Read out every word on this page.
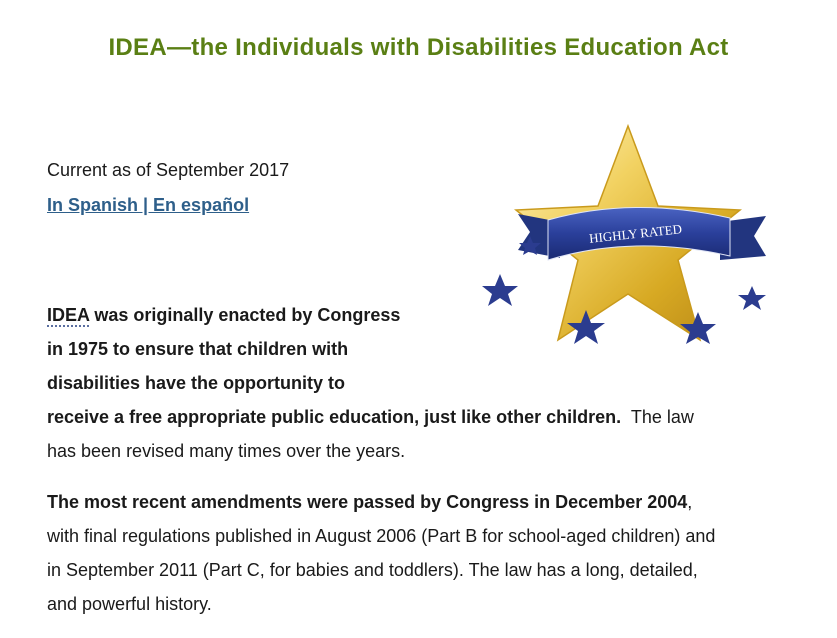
IDEA—the Individuals with Disabilities Education Act

Current as of September 2017

In Spanish | En español
HIGHLY RATED

IDEA was originally enacted by Congress
in 1975 to ensure that children with
disabilities have the opportunity to
receive a free appropriate public education, just like other children.  The law
has been revised many times over the years.

The most recent amendments were passed by Congress in December 2004,
with final regulations published in August 2006 (Part B for school-aged children) and
in September 2011 (Part C, for babies and toddlers). The law has a long, detailed,
and powerful history.
